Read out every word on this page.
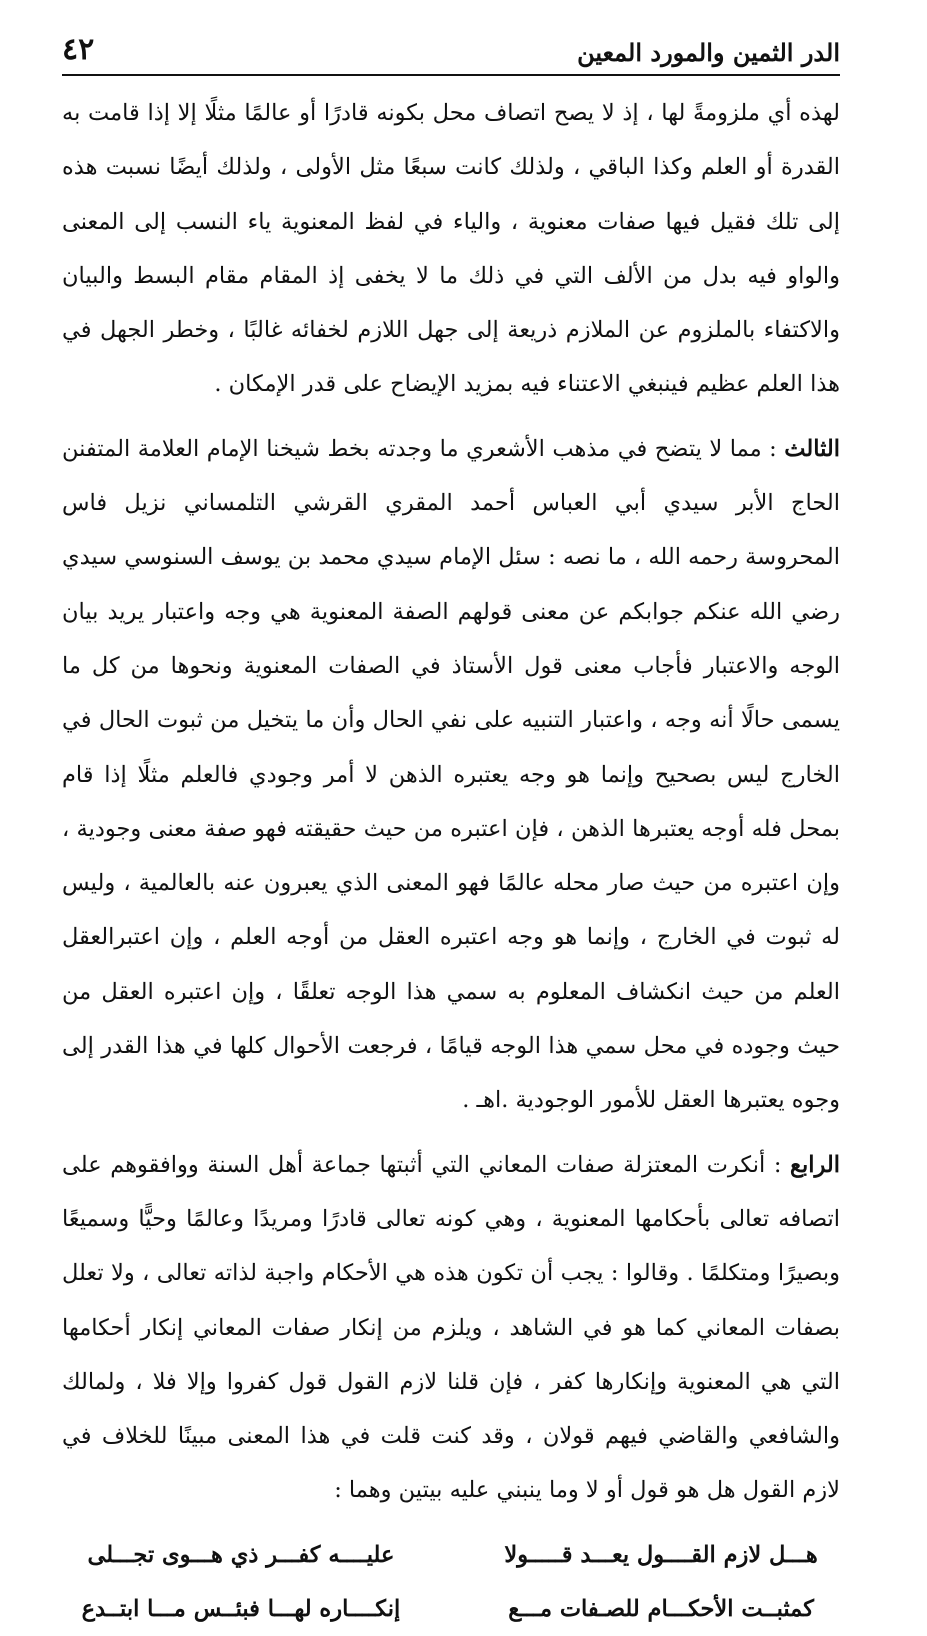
الدر الثمين والمورد المعين
٤٢

لهذه أي ملزومةً لها ، إذ لا يصح اتصاف محل بكونه قادرًا أو عالمًا مثلًا إلا إذا قامت به القدرة أو العلم وكذا الباقي ، ولذلك كانت سبعًا مثل الأولى ، ولذلك أيضًا نسبت هذه إلى تلك فقيل فيها صفات معنوية ، والياء في لفظ المعنوية ياء النسب إلى المعنى والواو فيه بدل من الألف التي في ذلك ما لا يخفى إذ المقام مقام البسط والبيان والاكتفاء بالملزوم عن الملازم ذريعة إلى جهل اللازم لخفائه غالبًا ، وخطر الجهل في هذا العلم عظيم فينبغي الاعتناء فيه بمزيد الإيضاح على قدر الإمكان .

الثالث : مما لا يتضح في مذهب الأشعري ما وجدته بخط شيخنا الإمام العلامة المتفنن الحاج الأبر سيدي أبي العباس أحمد المقري القرشي التلمساني نزيل فاس المحروسة رحمه الله ، ما نصه : سئل الإمام سيدي محمد بن يوسف السنوسي سيدي رضي الله عنكم جوابكم عن معنى قولهم الصفة المعنوية هي وجه واعتبار يريد بيان الوجه والاعتبار فأجاب معنى قول الأستاذ في الصفات المعنوية ونحوها من كل ما يسمى حالًا أنه وجه ، واعتبار التنبيه على نفي الحال وأن ما يتخيل من ثبوت الحال في الخارج ليس بصحيح وإنما هو وجه يعتبره الذهن لا أمر وجودي فالعلم مثلًا إذا قام بمحل فله أوجه يعتبرها الذهن ، فإن اعتبره من حيث حقيقته فهو صفة معنى وجودية ، وإن اعتبره من حيث صار محله عالمًا فهو المعنى الذي يعبرون عنه بالعالمية ، وليس له ثبوت في الخارج ، وإنما هو وجه اعتبره العقل من أوجه العلم ، وإن اعتبرالعقل العلم من حيث انكشاف المعلوم به سمي هذا الوجه تعلقًا ، وإن اعتبره العقل من حيث وجوده في محل سمي هذا الوجه قيامًا ، فرجعت الأحوال كلها في هذا القدر إلى وجوه يعتبرها العقل للأمور الوجودية .اهـ .

الرابع : أنكرت المعتزلة صفات المعاني التي أثبتها جماعة أهل السنة ووافقوهم على اتصافه تعالى بأحكامها المعنوية ، وهي كونه تعالى قادرًا ومريدًا وعالمًا وحيًّا وسميعًا وبصيرًا ومتكلمًا . وقالوا : يجب أن تكون هذه هي الأحكام واجبة لذاته تعالى ، ولا تعلل بصفات المعاني كما هو في الشاهد ، ويلزم من إنكار صفات المعاني إنكار أحكامها التي هي المعنوية وإنكارها كفر ، فإن قلنا لازم القول قول كفروا وإلا فلا ، ولمالك والشافعي والقاضي فيهم قولان ، وقد كنت قلت في هذا المعنى مبينًا للخلاف في لازم القول هل هو قول أو لا وما ينبني عليه بيتين وهما :

هـــل لازم القــــول يعـــد قـــــولا
عليــــه كفـــر ذي هـــوى تجـــلى
كمثبــت الأحكـــام للصـفات مـــع
إنكــــاره لهـــا فبئــس مـــا ابتــدع
